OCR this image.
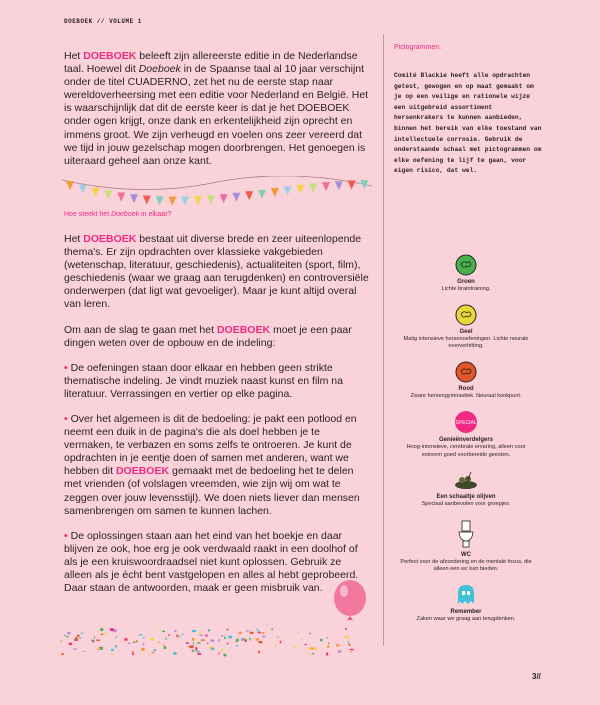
DOEBOEK // VOLUME 1

Het DOEBOEK beleeft zijn allereerste editie in de Nederlandse taal. Hoewel dit Doeboek in de Spaanse taal al 10 jaar verschijnt onder de titel CUADERNO, zet het nu de eerste stap naar wereldoverheersing met een editie voor Nederland en België. Het is waarschijnlijk dat dit de eerste keer is dat je het DOEBOEK onder ogen krijgt, onze dank en erkentelijkheid zijn oprecht en immens groot. We zijn verheugd en voelen ons zeer vereerd dat we tijd in jouw gezelschap mogen doorbrengen. Het genoegen is uiteraard geheel aan onze kant.

Hoe steekt het Doeboek in elkaar?

Het DOEBOEK bestaat uit diverse brede en zeer uiteenlopende thema's. Er zijn opdrachten over klassieke vakgebieden (wetenschap, literatuur, geschiedenis), actualiteiten (sport, film), geschiedenis (waar we graag aan terugdenken) en controversiële onderwerpen (dat ligt wat gevoeliger). Maar je kunt altijd overal van leren.

Om aan de slag te gaan met het DOEBOEK moet je een paar dingen weten over de opbouw en de indeling:

• De oefeningen staan door elkaar en hebben geen strikte thematische indeling. Je vindt muziek naast kunst en film na literatuur. Verrassingen en vertier op elke pagina.

• Over het algemeen is dit de bedoeling: je pakt een potlood en neemt een duik in de pagina's die als doel hebben je te vermaken, te verbazen en soms zelfs te ontroeren. Je kunt de opdrachten in je eentje doen of samen met anderen, want we hebben dit DOEBOEK gemaakt met de bedoeling het te delen met vrienden (of volslagen vreemden, wie zijn wij om wat te zeggen over jouw levensstijl). We doen niets liever dan mensen samenbrengen om samen te kunnen lachen.

• De oplossingen staan aan het eind van het boekje en daar blijven ze ook, hoe erg je ook verdwaald raakt in een doolhof of als je een kruiswoordraadsel niet kunt oplossen. Gebruik ze alleen als je écht bent vastgelopen en alles al hebt geprobeerd. Daar staan de antwoorden, maak er geen misbruik van.

Pictogrammen:
Comité Blackie heeft alle opdrachten getest, gewogen en op maat gemaakt om je op een veilige en rationele wijze een uitgebreid assortiment hersenkrakers te kunnen aanbieden, binnen het bereik van elke toestand van intellectuele corrosie. Gebruik de onderstaande schaal met pictogrammen om elke oefening te lijf te gaan, voor eigen risico, dat wel.
Groen
Lichte braintraining.
Geel
Matig intensieve hersenoefeningen. Lichte neurale oververhitting.
Rood
Zware hersengymnastiek. Neuraal kookpunt.
SPECIAL
Genieënverdelgers
Hoog-intensieve, cerebrale ervaring, alleen voor extreem goed voorbereide geesten.
Een schaaltje olijven
Speciaal aanbevolen voor groepjes.
WC
Perfect voor de afzondering en de mentale focus, die alleen een wc kan bieden.
Remember
Zaken waar we graag aan terugdenken.
3//
